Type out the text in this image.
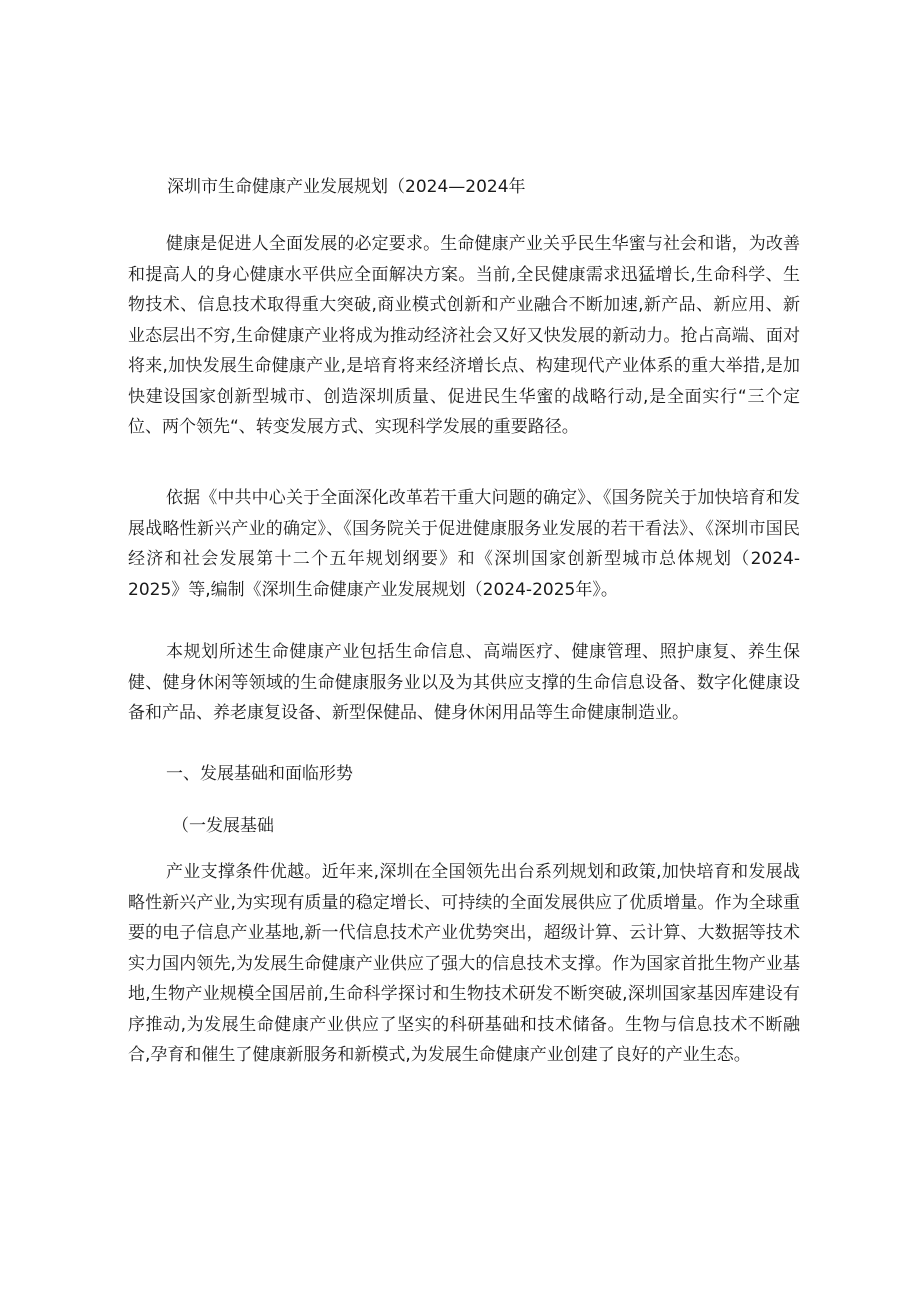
深圳市生命健康产业发展规划（2024—2024年

健康是促进人全面发展的必定要求。生命健康产业关乎民生华蜜与社会和谐，为改善和提高人的身心健康水平供应全面解决方案。当前,全民健康需求迅猛增长,生命科学、生物技术、信息技术取得重大突破,商业模式创新和产业融合不断加速,新产品、新应用、新业态层出不穷,生命健康产业将成为推动经济社会又好又快发展的新动力。抢占高端、面对将来,加快发展生命健康产业,是培育将来经济增长点、构建现代产业体系的重大举措,是加快建设国家创新型城市、创造深圳质量、促进民生华蜜的战略行动,是全面实行“三个定位、两个领先“、转变发展方式、实现科学发展的重要路径。

依据《中共中心关于全面深化改革若干重大问题的确定》、《国务院关于加快培育和发展战略性新兴产业的确定》、《国务院关于促进健康服务业发展的若干看法》、《深圳市国民经济和社会发展第十二个五年规划纲要》和《深圳国家创新型城市总体规划（2024-2025》等,编制《深圳生命健康产业发展规划（2024-2025年》。

本规划所述生命健康产业包括生命信息、高端医疗、健康管理、照护康复、养生保健、健身休闲等领域的生命健康服务业以及为其供应支撑的生命信息设备、数字化健康设备和产品、养老康复设备、新型保健品、健身休闲用品等生命健康制造业。

一、发展基础和面临形势
（一发展基础

产业支撑条件优越。近年来,深圳在全国领先出台系列规划和政策,加快培育和发展战略性新兴产业,为实现有质量的稳定增长、可持续的全面发展供应了优质增量。作为全球重要的电子信息产业基地,新一代信息技术产业优势突出，超级计算、云计算、大数据等技术实力国内领先,为发展生命健康产业供应了强大的信息技术支撑。作为国家首批生物产业基地,生物产业规模全国居前,生命科学探讨和生物技术研发不断突破,深圳国家基因库建设有序推动,为发展生命健康产业供应了坚实的科研基础和技术储备。生物与信息技术不断融合,孕育和催生了健康新服务和新模式,为发展生命健康产业创建了良好的产业生态。
